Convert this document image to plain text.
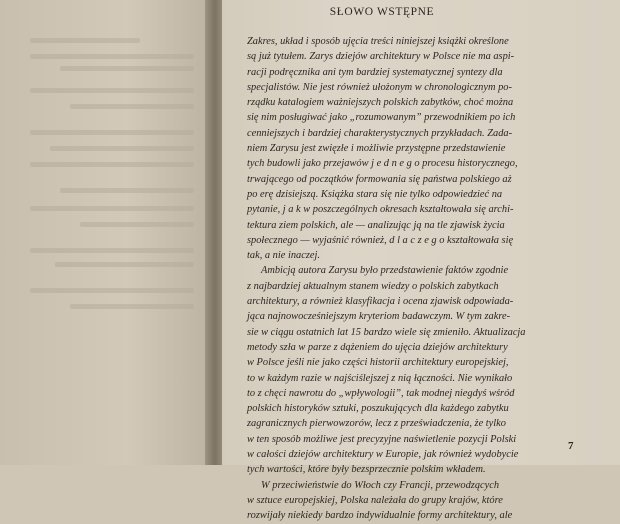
SŁOWO WSTĘPNE
Zakres, układ i sposób ujęcia treści niniejszej książki określone
są już tytułem. Zarys dziejów architektury w Polsce nie ma aspi-
racji podręcznika ani tym bardziej systematycznej syntezy dla
specjalistów. Nie jest również ułożonym w chronologicznym po-
rządku katalogiem ważniejszych polskich zabytków, choć można
się nim posługiwać jako „rozumowanym” przewodnikiem po ich
cenniejszych i bardziej charakterystycznych przykładach. Zada-
niem Zarysu jest zwięzłe i możliwie przystępne przedstawienie
tych budowli jako przejawów j e d n e g o procesu historycznego,
trwającego od początków formowania się państwa polskiego aż
po erę dzisiejszą. Książka stara się nie tylko odpowiedzieć na
pytanie, j a k w poszczególnych okresach kształtowała się archi-
tektura ziem polskich, ale — analizując ją na tle zjawisk życia
społecznego — wyjaśnić również, d l a c z e g o kształtowała się
tak, a nie inaczej.
Ambicją autora Zarysu było przedstawienie faktów zgodnie
z najbardziej aktualnym stanem wiedzy o polskich zabytkach
architektury, a również klasyfikacja i ocena zjawisk odpowiada-
jąca najnowocześniejszym kryteriom badawczym. W tym zakre-
sie w ciągu ostatnich lat 15 bardzo wiele się zmieniło. Aktualizacja
metody szła w parze z dążeniem do ujęcia dziejów architektury
w Polsce jeśli nie jako części historii architektury europejskiej,
to w każdym razie w najściślejszej z nią łączności. Nie wynikało
to z chęci nawrotu do „wpływologii”, tak modnej niegdyś wśród
polskich historyków sztuki, poszukujących dla każdego zabytku
zagranicznych pierwowzorów, lecz z przeświadczenia, że tylko
w ten sposób możliwe jest precyzyjne naświetlenie pozycji Polski
w całości dziejów architektury w Europie, jak również wydobycie
tych wartości, które były bezsprzecznie polskim wkładem.
W przeciwieństwie do Włoch czy Francji, przewodzących
w sztuce europejskiej, Polska należała do grupy krajów, które
rozwijały niekiedy bardzo indywidualnie formy architektury, ale
7
